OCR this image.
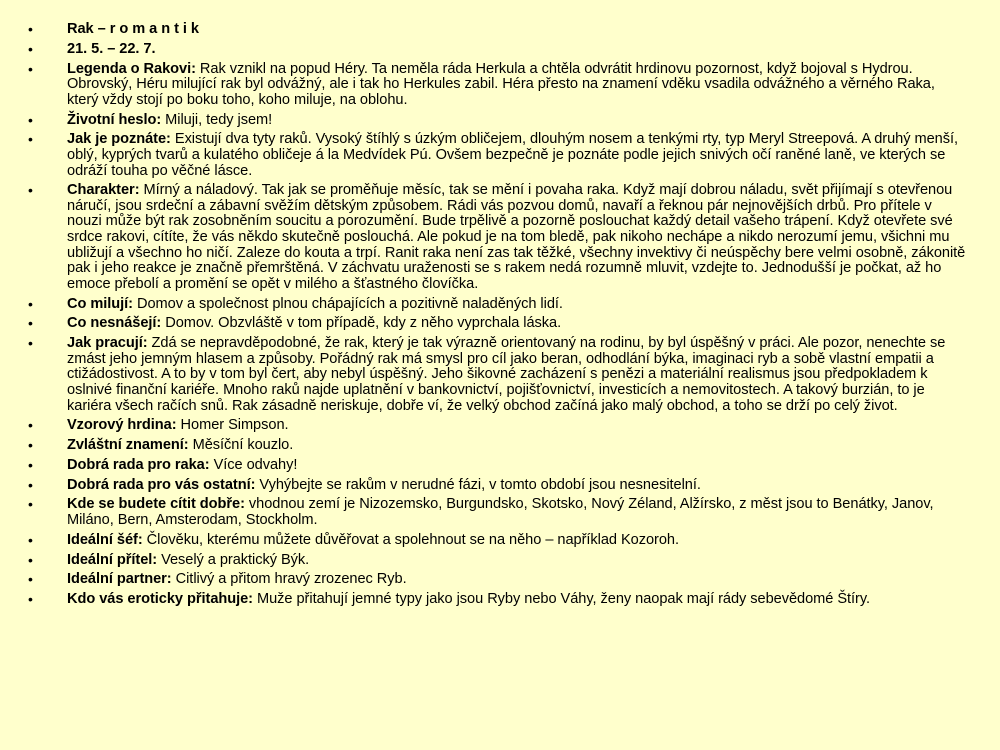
• Rak – r o m a n t i k
• 21. 5. – 22. 7.
• Legenda o Rakovi: Rak vznikl na popud Héry. Ta neměla ráda Herkula a chtěla odvrátit hrdinovu pozornost, když bojoval s Hydrou. Obrovský, Héru milující rak byl odvážný, ale i tak ho Herkules zabil. Héra přesto na znamení vděku vsadila odvážného a věrného Raka, který vždy stojí po boku toho, koho miluje, na oblohu.
• Životní heslo: Miluji, tedy jsem!
• Jak je poznáte: Existují dva tyty raků. Vysoký štíhlý s úzkým obličejem, dlouhým nosem a tenkými rty, typ Meryl Streepová. A druhý menší, oblý, kyprých tvarů a kulatého obličeje á la Medvídek Pú. Ovšem bezpečně je poznáte podle jejich snivých očí raněné laně, ve kterých se odráží touha po věčné lásce.
• Charakter: Mírný a náladový. Tak jak se proměňuje měsíc, tak se mění i povaha raka. Když mají dobrou náladu, svět přijímají s otevřenou náručí, jsou srdeční a zábavní svěžím dětským způsobem. Rádi vás pozvou domů, navaří a řeknou pár nejnovějších drbů. Pro přítele v nouzi může být rak zosobněním soucitu a porozumění. Bude trpělivě a pozorně poslouchat každý detail vašeho trápení. Když otevřete své srdce rakovi, cítíte, že vás někdo skutečně poslouchá. Ale pokud je na tom bledě, pak nikoho nechápe a nikdo nerozumí jemu, všichni mu ubližují a všechno ho ničí. Zaleze do kouta a trpí. Ranit raka není zas tak těžké, všechny invektivy či neúspěchy bere velmi osobně, zákonitě pak i jeho reakce je značně přemrštěná. V záchvatu uraženosti se s rakem nedá rozumně mluvit, vzdejte to. Jednodušší je počkat, až ho emoce přebolí a promění se opět v milého a šťastného človíčka.
• Co milují: Domov a společnost plnou chápajících a pozitivně naladěných lidí.
• Co nesnášejí: Domov. Obzvláště v tom případě, kdy z něho vyprchala láska.
• Jak pracují: Zdá se nepravděpodobné, že rak, který je tak výrazně orientovaný na rodinu, by byl úspěšný v práci. Ale pozor, nenechte se zmást jeho jemným hlasem a způsoby. Pořádný rak má smysl pro cíl jako beran, odhodlání býka, imaginaci ryb a sobě vlastní empatii a ctižádostivost. A to by v tom byl čert, aby nebyl úspěšný. Jeho šikovné zacházení s penězi a materiální realismus jsou předpokladem k oslnivé finanční kariéře. Mnoho raků najde uplatnění v bankovnictví, pojišťovnictví, investicích a nemovitostech. A takový burzián, to je kariéra všech račích snů. Rak zásadně neriskuje, dobře ví, že velký obchod začíná jako malý obchod, a toho se drží po celý život.
• Vzorový hrdina: Homer Simpson.
• Zvláštní znamení: Měsíční kouzlo.
• Dobrá rada pro raka: Více odvahy!
• Dobrá rada pro vás ostatní: Vyhýbejte se rakům v nerudné fázi, v tomto období jsou nesnesitelní.
• Kde se budete cítit dobře: vhodnou zemí je Nizozemsko, Burgundsko, Skotsko, Nový Zéland, Alžírsko, z měst jsou to Benátky, Janov, Miláno, Bern, Amsterodam, Stockholm.
• Ideální šéf: Člověku, kterému můžete důvěřovat a spolehnout se na něho – například Kozoroh.
• Ideální přítel: Veselý a praktický Býk.
• Ideální partner: Citlivý a přitom hravý zrozenec Ryb.
• Kdo vás eroticky přitahuje: Muže přitahují jemné typy jako jsou Ryby nebo Váhy, ženy naopak mají rády sebevědomé Štíry.
